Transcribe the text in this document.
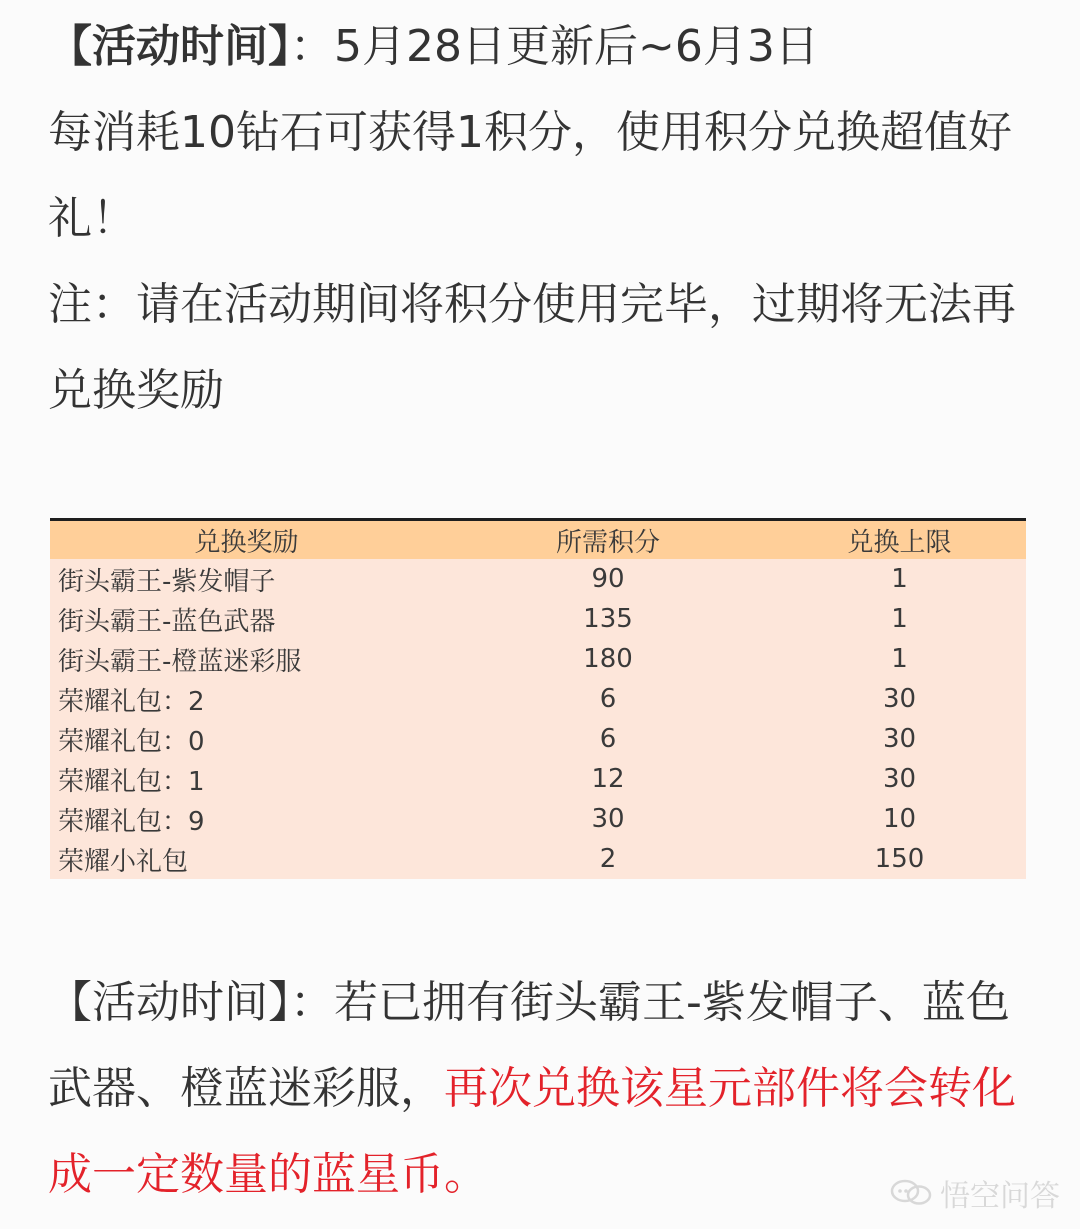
【活动时间】：5月28日更新后~6月3日

每消耗10钻石可获得1积分，使用积分兑换超值好礼！

注：请在活动期间将积分使用完毕，过期将无法再兑换奖励

兑换奖励	所需积分	兑换上限
街头霸王-紫发帽子	90	1
街头霸王-蓝色武器	135	1
街头霸王-橙蓝迷彩服	180	1
荣耀礼包：2	6	30
荣耀礼包：0	6	30
荣耀礼包：1	12	30
荣耀礼包：9	30	10
荣耀小礼包	2	150

【活动时间】：若已拥有街头霸王-紫发帽子、蓝色武器、橙蓝迷彩服，再次兑换该星元部件将会转化成一定数量的蓝星币。	悟空问答
